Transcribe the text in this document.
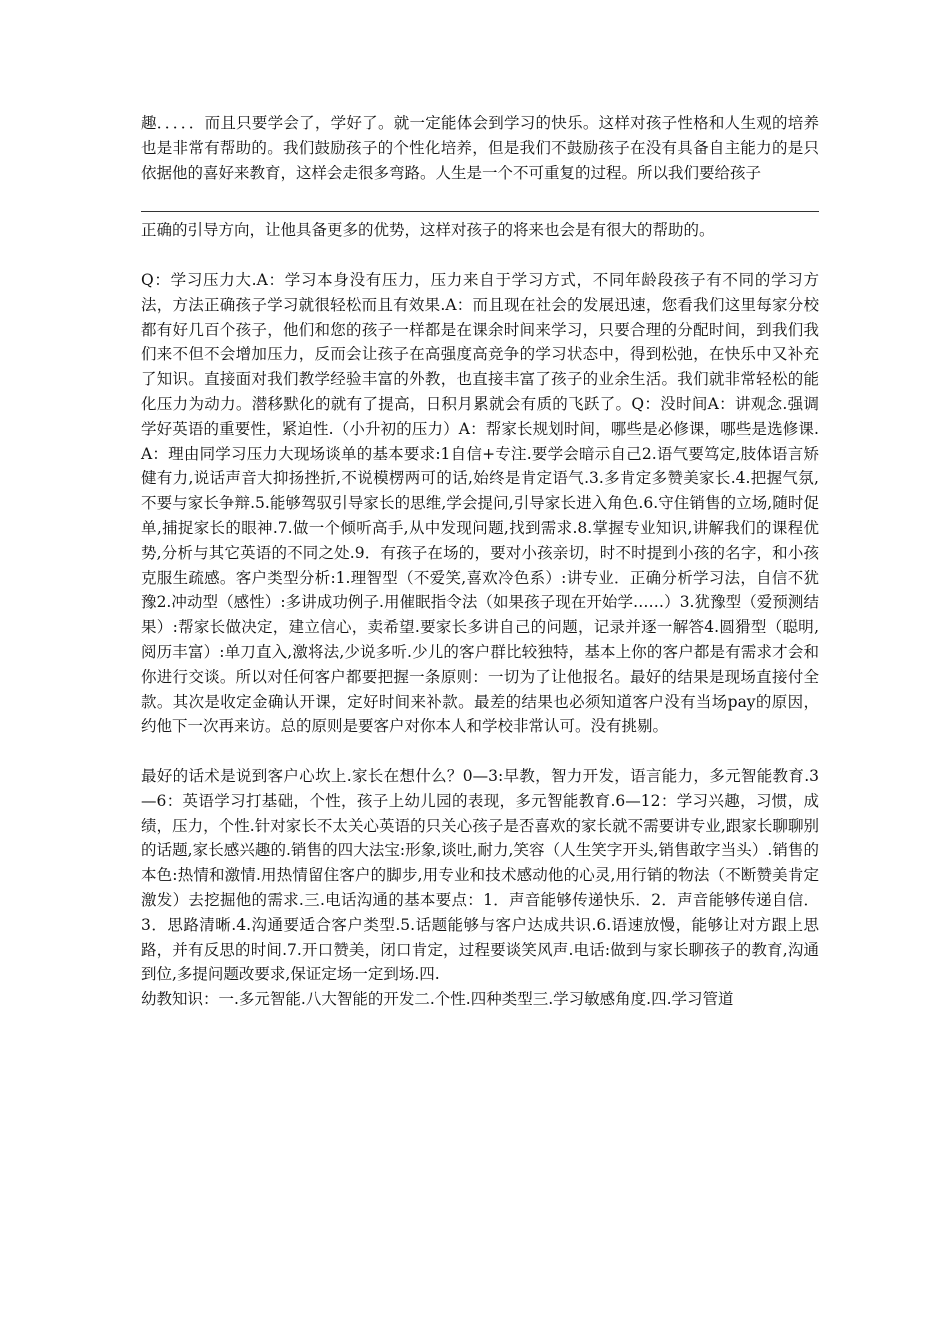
趣．．．．．而且只要学会了，学好了。就一定能体会到学习的快乐。这样对孩子性格和人生观的培养也是非常有帮助的。我们鼓励孩子的个性化培养，但是我们不鼓励孩子在没有具备自主能力的是只依据他的喜好来教育，这样会走很多弯路。人生是一个不可重复的过程。所以我们要给孩子

正确的引导方向，让他具备更多的优势，这样对孩子的将来也会是有很大的帮助的。

Q：学习压力大.A：学习本身没有压力，压力来自于学习方式，不同年龄段孩子有不同的学习方法，方法正确孩子学习就很轻松而且有效果.A：而且现在社会的发展迅速，您看我们这里每家分校都有好几百个孩子，他们和您的孩子一样都是在课余时间来学习，只要合理的分配时间，到我们我们来不但不会增加压力，反而会让孩子在高强度高竞争的学习状态中，得到松弛，在快乐中又补充了知识。直接面对我们教学经验丰富的外教，也直接丰富了孩子的业余生活。我们就非常轻松的能化压力为动力。潜移默化的就有了提高，日积月累就会有质的飞跃了。Q：没时间A：讲观念.强调学好英语的重要性，紧迫性.（小升初的压力）A：帮家长规划时间，哪些是必修课，哪些是选修课.A：理由同学习压力大现场谈单的基本要求:1自信+专注.要学会暗示自己2.语气要笃定,肢体语言矫健有力,说话声音大抑扬挫折,不说模楞两可的话,始终是肯定语气.3.多肯定多赞美家长.4.把握气氛,不要与家长争辩.5.能够驾驭引导家长的思维,学会提问,引导家长进入角色.6.守住销售的立场,随时促单,捕捉家长的眼神.7.做一个倾听高手,从中发现问题,找到需求.8.掌握专业知识,讲解我们的课程优势,分析与其它英语的不同之处.9．有孩子在场的，要对小孩亲切，时不时提到小孩的名字，和小孩克服生疏感。客户类型分析:1.理智型（不爱笑,喜欢冷色系）:讲专业．正确分析学习法，自信不犹豫2.冲动型（感性）:多讲成功例子.用催眠指令法（如果孩子现在开始学……）3.犹豫型（爱预测结果）:帮家长做决定，建立信心，卖希望.要家长多讲自己的问题，记录并逐一解答4.圆猾型（聪明,阅历丰富）:单刀直入,激将法,少说多听.少儿的客户群比较独特，基本上你的客户都是有需求才会和你进行交谈。所以对任何客户都要把握一条原则：一切为了让他报名。最好的结果是现场直接付全款。其次是收定金确认开课，定好时间来补款。最差的结果也必须知道客户没有当场pay的原因，约他下一次再来访。总的原则是要客户对你本人和学校非常认可。没有挑剔。

最好的话术是说到客户心坎上.家长在想什么？0—3:早教，智力开发，语言能力，多元智能教育.3—6：英语学习打基础，个性，孩子上幼儿园的表现，多元智能教育.6—12：学习兴趣，习惯，成绩，压力，个性.针对家长不太关心英语的只关心孩子是否喜欢的家长就不需要讲专业,跟家长聊聊别的话题,家长感兴趣的.销售的四大法宝:形象,谈吐,耐力,笑容（人生笑字开头,销售敢字当头）.销售的本色:热情和激情.用热情留住客户的脚步,用专业和技术感动他的心灵,用行销的物法（不断赞美肯定激发）去挖掘他的需求.三.电话沟通的基本要点：1．声音能够传递快乐．2．声音能够传递自信．3．思路清晰.4.沟通要适合客户类型.5.话题能够与客户达成共识.6.语速放慢，能够让对方跟上思路，并有反思的时间.7.开口赞美，闭口肯定，过程要谈笑风声.电话:做到与家长聊孩子的教育,沟通到位,多提问题改要求,保证定场一定到场.四.

幼教知识：一.多元智能.八大智能的开发二.个性.四种类型三.学习敏感角度.四.学习管道
